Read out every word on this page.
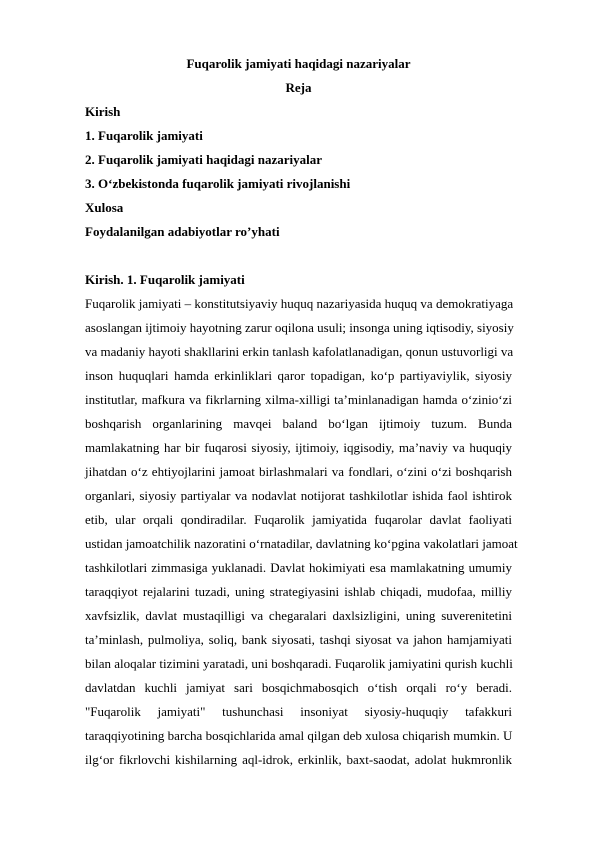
Fuqarolik jamiyati haqidagi nazariyalar
Reja
Kirish
1. Fuqarolik jamiyati
2. Fuqarolik jamiyati haqidagi nazariyalar
3. O‘zbekistonda fuqarolik jamiyati rivojlanishi
Xulosa
Foydalanilgan adabiyotlar ro’yhati
Kirish. 1. Fuqarolik jamiyati
Fuqarolik jamiyati – konstitutsiyaviy huquq nazariyasida huquq va demokratiyaga
asoslangan ijtimoiy hayotning zarur oqilona usuli; insonga uning iqtisodiy, siyosiy
va madaniy hayoti shakllarini erkin tanlash kafolatlanadigan, qonun ustuvorligi va
inson huquqlari hamda erkinliklari qaror topadigan, ko‘p partiyaviylik, siyosiy
institutlar, mafkura va fikrlarning xilma-xilligi ta’minlanadigan hamda o‘zinio‘zi
boshqarish organlarining mavqei baland bo‘lgan ijtimoiy tuzum. Bunda
mamlakatning har bir fuqarosi siyosiy, ijtimoiy, iqgisodiy, ma’naviy va huquqiy
jihatdan o‘z ehtiyojlarini jamoat birlashmalari va fondlari, o‘zini o‘zi boshqarish
organlari, siyosiy partiyalar va nodavlat notijorat tashkilotlar ishida faol ishtirok
etib, ular orqali qondiradilar. Fuqarolik jamiyatida fuqarolar davlat faoliyati
ustidan jamoatchilik nazoratini o‘rnatadilar, davlatning ko‘pgina vakolatlari jamoat
tashkilotlari zimmasiga yuklanadi. Davlat hokimiyati esa mamlakatning umumiy
taraqqiyot rejalarini tuzadi, uning strategiyasini ishlab chiqadi, mudofaa, milliy
xavfsizlik, davlat mustaqilligi va chegaralari daxlsizligini, uning suverenitetini
ta’minlash, pulmoliya, soliq, bank siyosati, tashqi siyosat va jahon hamjamiyati
bilan aloqalar tizimini yaratadi, uni boshqaradi. Fuqarolik jamiyatini qurish kuchli
davlatdan kuchli jamiyat sari bosqichmabosqich o‘tish orqali ro‘y beradi.
"Fuqarolik jamiyati" tushunchasi insoniyat siyosiy-huquqiy tafakkuri
taraqqiyotining barcha bosqichlarida amal qilgan deb xulosa chiqarish mumkin. U
ilg‘or fikrlovchi kishilarning aql-idrok, erkinlik, baxt-saodat, adolat hukmronlik
